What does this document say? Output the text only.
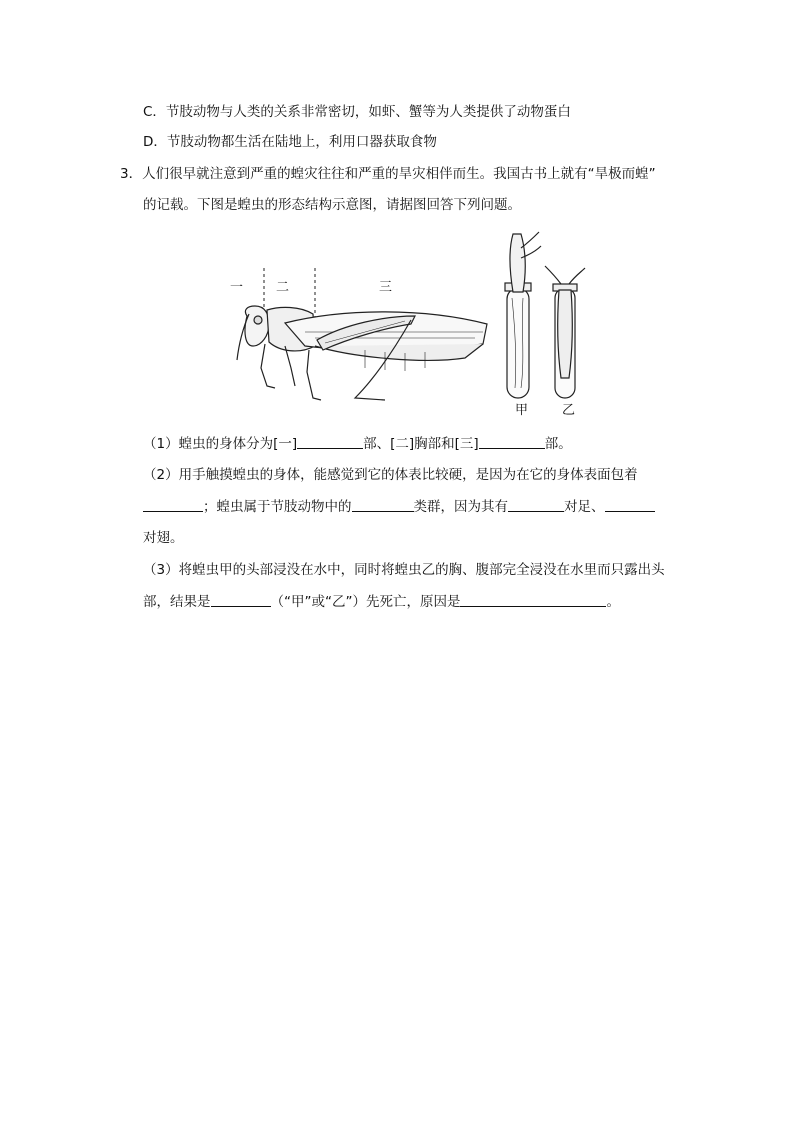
C．节肢动物与人类的关系非常密切，如虾、蟹等为人类提供了动物蛋白
D．节肢动物都生活在陆地上，利用口器获取食物
3．人们很早就注意到严重的蝗灾往往和严重的旱灾相伴而生。我国古书上就有“旱极而蝗”
的记载。下图是蝗虫的形态结构示意图，请据图回答下列问题。
一	二	三
甲	乙
（1）蝗虫的身体分为[一]	部、[二]胸部和[三]	部。
（2）用手触摸蝗虫的身体，能感觉到它的体表比较硬，是因为在它的身体表面包着
；蝗虫属于节肢动物中的	类群，因为其有	对足、
对翅。
（3）将蝗虫甲的头部浸没在水中，同时将蝗虫乙的胸、腹部完全浸没在水里而只露出头
部，结果是	（“甲”或“乙”）先死亡，原因是	。
